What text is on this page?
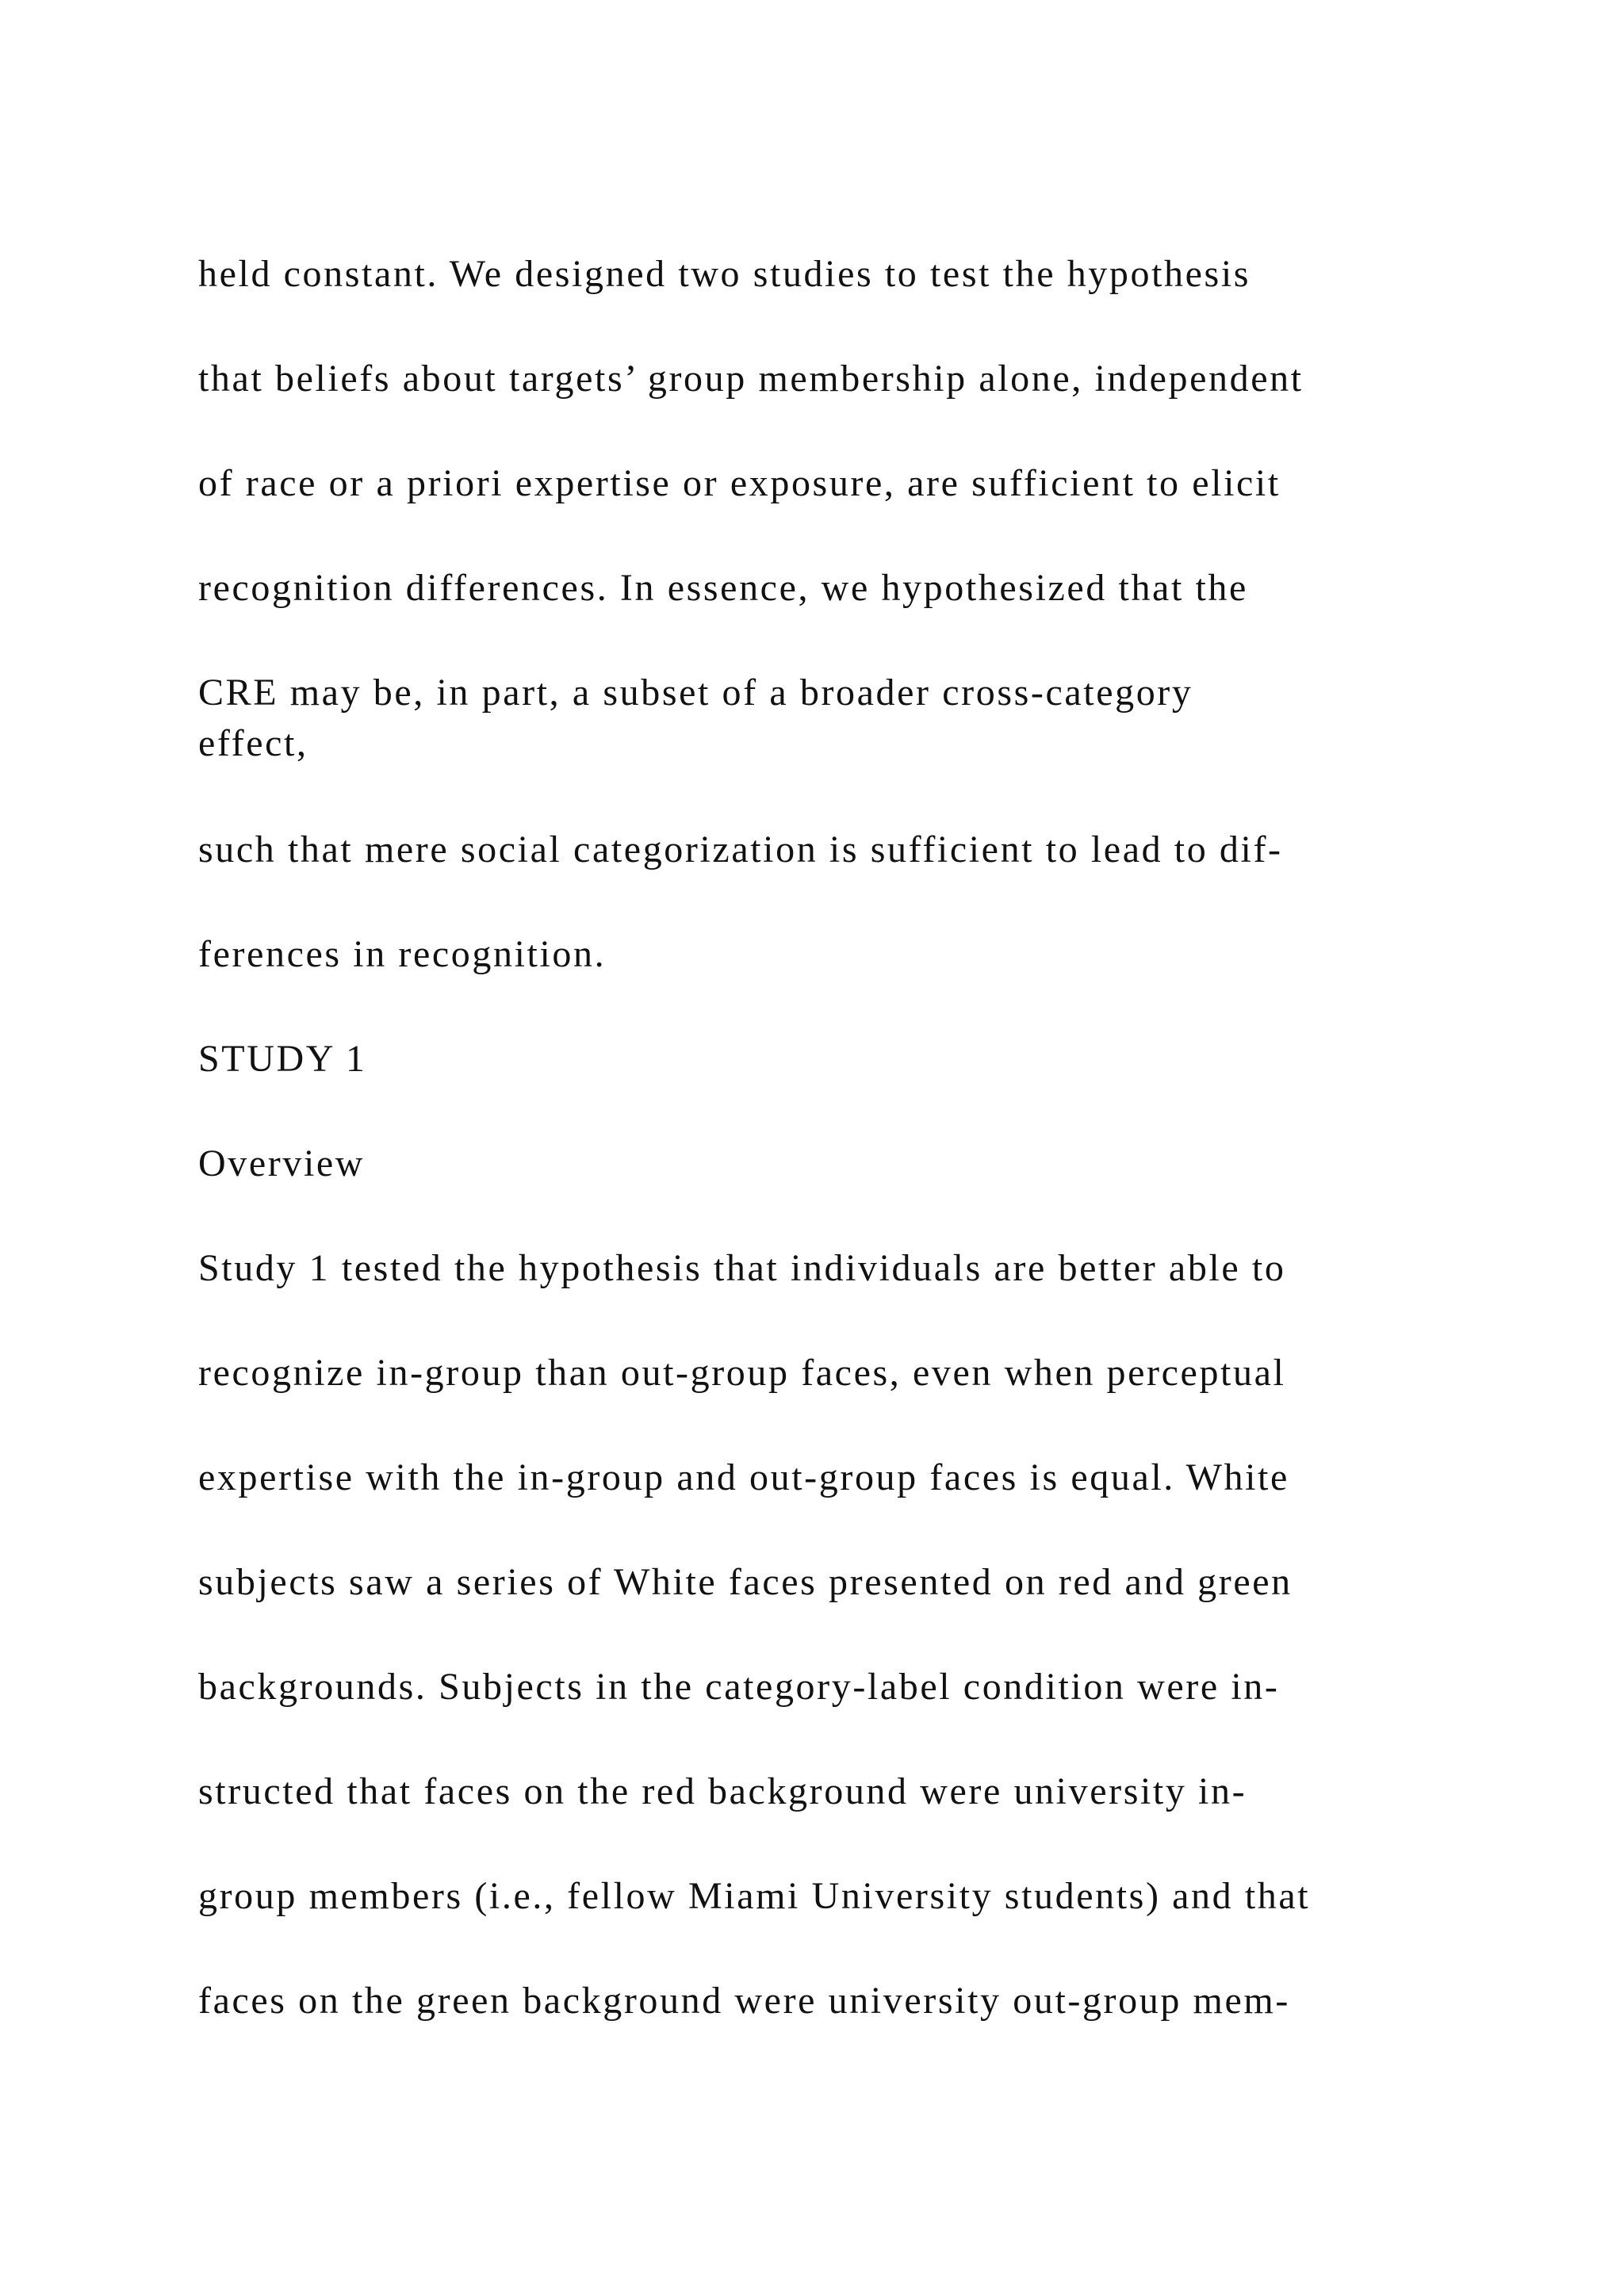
held constant. We designed two studies to test the hypothesis
that beliefs about targets’ group membership alone, independent
of race or a priori expertise or exposure, are sufficient to elicit
recognition differences. In essence, we hypothesized that the
CRE may be, in part, a subset of a broader cross-category
effect,
such that mere social categorization is sufficient to lead to dif-
ferences in recognition.
STUDY 1
Overview
Study 1 tested the hypothesis that individuals are better able to
recognize in-group than out-group faces, even when perceptual
expertise with the in-group and out-group faces is equal. White
subjects saw a series of White faces presented on red and green
backgrounds. Subjects in the category-label condition were in-
structed that faces on the red background were university in-
group members (i.e., fellow Miami University students) and that
faces on the green background were university out-group mem-
